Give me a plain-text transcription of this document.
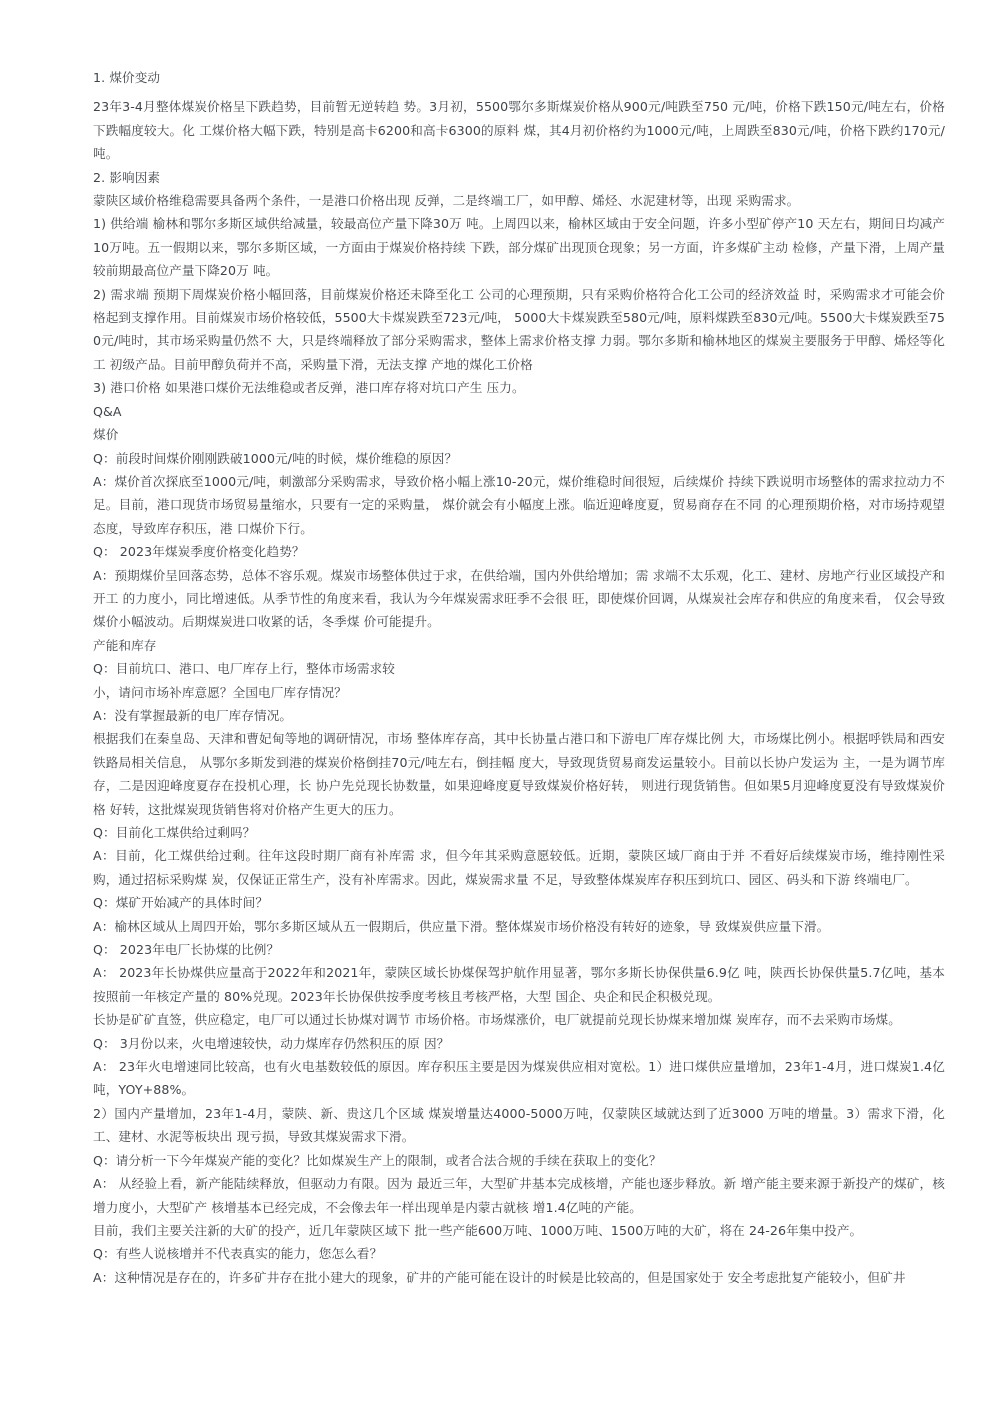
1. 煤价变动

23年3-4月整体煤炭价格呈下跌趋势，目前暂无逆转趋 势。3月初，5500鄂尔多斯煤炭价格从900元/吨跌至750 元/吨，价格下跌150元/吨左右，价格下跌幅度较大。化 工煤价格大幅下跌，特别是高卡6200和高卡6300的原料 煤，其4月初价格约为1000元/吨，上周跌至830元/吨，价格下跌约170元/吨。

2. 影响因素

蒙陕区域价格维稳需要具备两个条件，一是港口价格出现 反弹，二是终端工厂，如甲醇、烯烃、水泥建材等，出现 采购需求。

1) 供给端 榆林和鄂尔多斯区域供给减量，较最高位产量下降30万 吨。上周四以来，榆林区域由于安全问题，许多小型矿停产10 天左右，期间日均减产10万吨。五一假期以来，鄂尔多斯区域，一方面由于煤炭价格持续 下跌，部分煤矿出现顶仓现象；另一方面，许多煤矿主动 检修，产量下滑，上周产量较前期最高位产量下降20万 吨。

2) 需求端 预期下周煤炭价格小幅回落，目前煤炭价格还未降至化工 公司的心理预期，只有采购价格符合化工公司的经济效益 时，采购需求才可能会价格起到支撑作用。目前煤炭市场价格较低，5500大卡煤炭跌至723元/吨， 5000大卡煤炭跌至580元/吨，原料煤跌至830元/吨。5500大卡煤炭跌至750元/吨时，其市场采购量仍然不 大，只是终端释放了部分采购需求，整体上需求价格支撑 力弱。鄂尔多斯和榆林地区的煤炭主要服务于甲醇、烯烃等化工 初级产品。目前甲醇负荷并不高，采购量下滑，无法支撑 产地的煤化工价格

3) 港口价格 如果港口煤价无法维稳或者反弹，港口库存将对坑口产生 压力。

Q&A

煤价

Q：前段时间煤价刚刚跌破1000元/吨的时候，煤价维稳的原因？

A：煤价首次探底至1000元/吨，刺激部分采购需求，导致价格小幅上涨10-20元，煤价维稳时间很短，后续煤价 持续下跌说明市场整体的需求拉动力不足。目前，港口现货市场贸易量缩水，只要有一定的采购量， 煤价就会有小幅度上涨。临近迎峰度夏，贸易商存在不同 的心理预期价格，对市场持观望态度，导致库存积压，港 口煤价下行。

Q： 2023年煤炭季度价格变化趋势？

A：预期煤价呈回落态势，总体不容乐观。煤炭市场整体供过于求，在供给端，国内外供给增加；需 求端不太乐观，化工、建材、房地产行业区域投产和开工 的力度小，同比增速低。从季节性的角度来看，我认为今年煤炭需求旺季不会很 旺，即使煤价回调，从煤炭社会库存和供应的角度来看， 仅会导致煤价小幅波动。后期煤炭进口收紧的话，冬季煤 价可能提升。

产能和库存

Q：目前坑口、港口、电厂库存上行，整体市场需求较

小，请问市场补库意愿？全国电厂库存情况？

A：没有掌握最新的电厂库存情况。

根据我们在秦皇岛、天津和曹妃甸等地的调研情况，市场 整体库存高，其中长协量占港口和下游电厂库存煤比例 大，市场煤比例小。根据呼铁局和西安铁路局相关信息， 从鄂尔多斯发到港的煤炭价格倒挂70元/吨左右，倒挂幅 度大，导致现货贸易商发运量较小。目前以长协户发运为 主，一是为调节库存，二是因迎峰度夏存在投机心理，长 协户先兑现长协数量，如果迎峰度夏导致煤炭价格好转， 则进行现货销售。但如果5月迎峰度夏没有导致煤炭价格 好转，这批煤炭现货销售将对价格产生更大的压力。

Q：目前化工煤供给过剩吗？

A：目前，化工煤供给过剩。往年这段时期厂商有补库需 求，但今年其采购意愿较低。近期，蒙陕区域厂商由于并 不看好后续煤炭市场，维持刚性采购，通过招标采购煤 炭，仅保证正常生产，没有补库需求。因此，煤炭需求量 不足，导致整体煤炭库存积压到坑口、园区、码头和下游 终端电厂。

Q：煤矿开始减产的具体时间？

A：榆林区域从上周四开始，鄂尔多斯区域从五一假期后，供应量下滑。整体煤炭市场价格没有转好的迹象，导 致煤炭供应量下滑。

Q： 2023年电厂长协煤的比例？

A： 2023年长协煤供应量高于2022年和2021年，蒙陕区域长协煤保驾护航作用显著，鄂尔多斯长协保供量6.9亿 吨，陕西长协保供量5.7亿吨，基本按照前一年核定产量的 80%兑现。2023年长协保供按季度考核且考核严格，大型 国企、央企和民企积极兑现。

长协是矿矿直签，供应稳定，电厂可以通过长协煤对调节 市场价格。市场煤涨价，电厂就提前兑现长协煤来增加煤 炭库存，而不去采购市场煤。

Q： 3月份以来，火电增速较快，动力煤库存仍然积压的原 因？

A： 23年火电增速同比较高，也有火电基数较低的原因。库存积压主要是因为煤炭供应相对宽松。1）进口煤供应量增加，23年1-4月，进口煤炭1.4亿吨，YOY+88%。

2）国内产量增加，23年1-4月，蒙陕、新、贵这几个区域 煤炭增量达4000-5000万吨，仅蒙陕区域就达到了近3000 万吨的增量。3）需求下滑，化工、建材、水泥等板块出 现亏损，导致其煤炭需求下滑。

Q：请分析一下今年煤炭产能的变化？比如煤炭生产上的限制，或者合法合规的手续在获取上的变化？

A： 从经验上看，新产能陆续释放，但驱动力有限。因为 最近三年，大型矿井基本完成核增，产能也逐步释放。新 增产能主要来源于新投产的煤矿，核增力度小，大型矿产 核增基本已经完成，不会像去年一样出现单是内蒙古就核 增1.4亿吨的产能。

目前，我们主要关注新的大矿的投产，近几年蒙陕区域下 批一些产能600万吨、1000万吨、1500万吨的大矿，将在 24-26年集中投产。

Q：有些人说核增并不代表真实的能力，您怎么看？

A：这种情况是存在的，许多矿井存在批小建大的现象，矿井的产能可能在设计的时候是比较高的，但是国家处于 安全考虑批复产能较小，但矿井
